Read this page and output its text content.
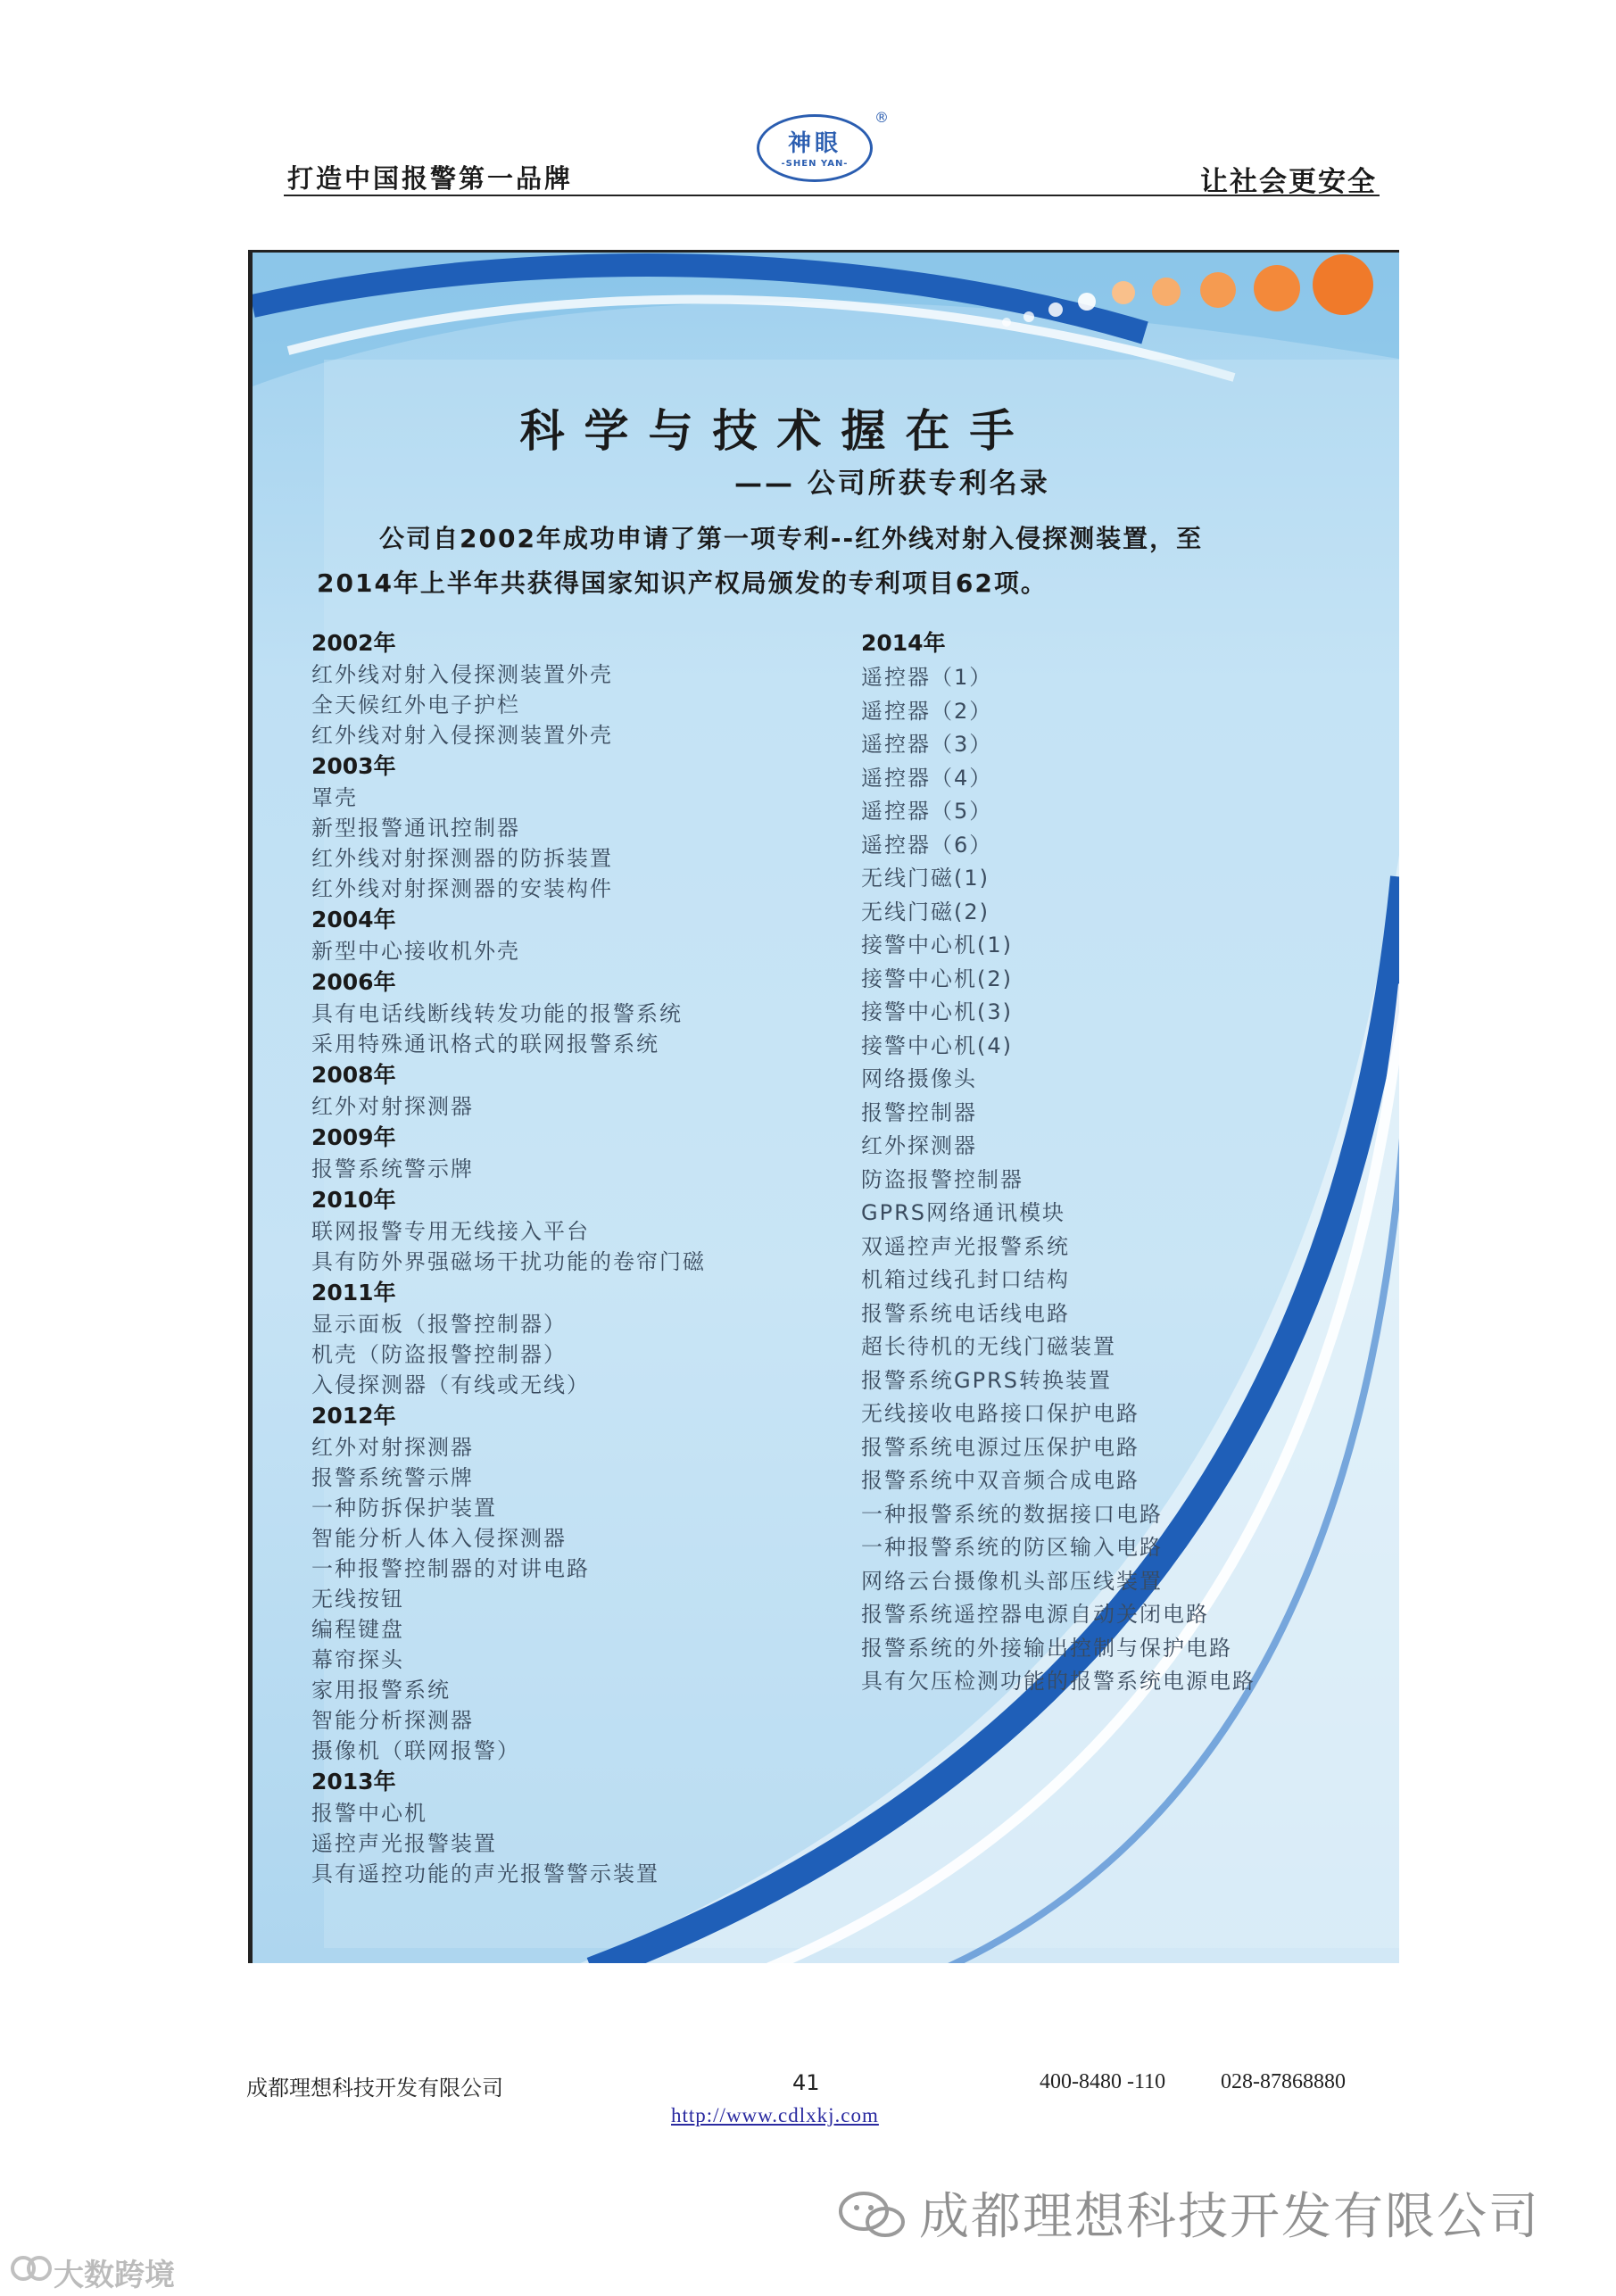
打造中国报警第一品牌
神眼
-SHEN YAN-
®
让社会更安全
科学与技术握在手
—— 公司所获专利名录
公司自2002年成功申请了第一项专利--红外线对射入侵探测装置，至
2014年上半年共获得国家知识产权局颁发的专利项目62项。
2002年
红外线对射入侵探测装置外壳
全天候红外电子护栏
红外线对射入侵探测装置外壳
2003年
罩壳
新型报警通讯控制器
红外线对射探测器的防拆装置
红外线对射探测器的安装构件
2004年
新型中心接收机外壳
2006年
具有电话线断线转发功能的报警系统
采用特殊通讯格式的联网报警系统
2008年
红外对射探测器
2009年
报警系统警示牌
2010年
联网报警专用无线接入平台
具有防外界强磁场干扰功能的卷帘门磁
2011年
显示面板（报警控制器）
机壳（防盗报警控制器）
入侵探测器（有线或无线）
2012年
红外对射探测器
报警系统警示牌
一种防拆保护装置
智能分析人体入侵探测器
一种报警控制器的对讲电路
无线按钮
编程键盘
幕帘探头
家用报警系统
智能分析探测器
摄像机（联网报警）
2013年
报警中心机
遥控声光报警装置
具有遥控功能的声光报警警示装置
2014年
遥控器（1）
遥控器（2）
遥控器（3）
遥控器（4）
遥控器（5）
遥控器（6）
无线门磁(1)
无线门磁(2)
接警中心机(1)
接警中心机(2)
接警中心机(3)
接警中心机(4)
网络摄像头
报警控制器
红外探测器
防盗报警控制器
GPRS网络通讯模块
双遥控声光报警系统
机箱过线孔封口结构
报警系统电话线电路
超长待机的无线门磁装置
报警系统GPRS转换装置
无线接收电路接口保护电路
报警系统电源过压保护电路
报警系统中双音频合成电路
一种报警系统的数据接口电路
一种报警系统的防区输入电路
网络云台摄像机头部压线装置
报警系统遥控器电源自动关闭电路
报警系统的外接输出控制与保护电路
具有欠压检测功能的报警系统电源电路
成都理想科技开发有限公司	41	400-8480 -110	028-87868880
http://www.cdlxkj.com
成都理想科技开发有限公司
大数跨境
